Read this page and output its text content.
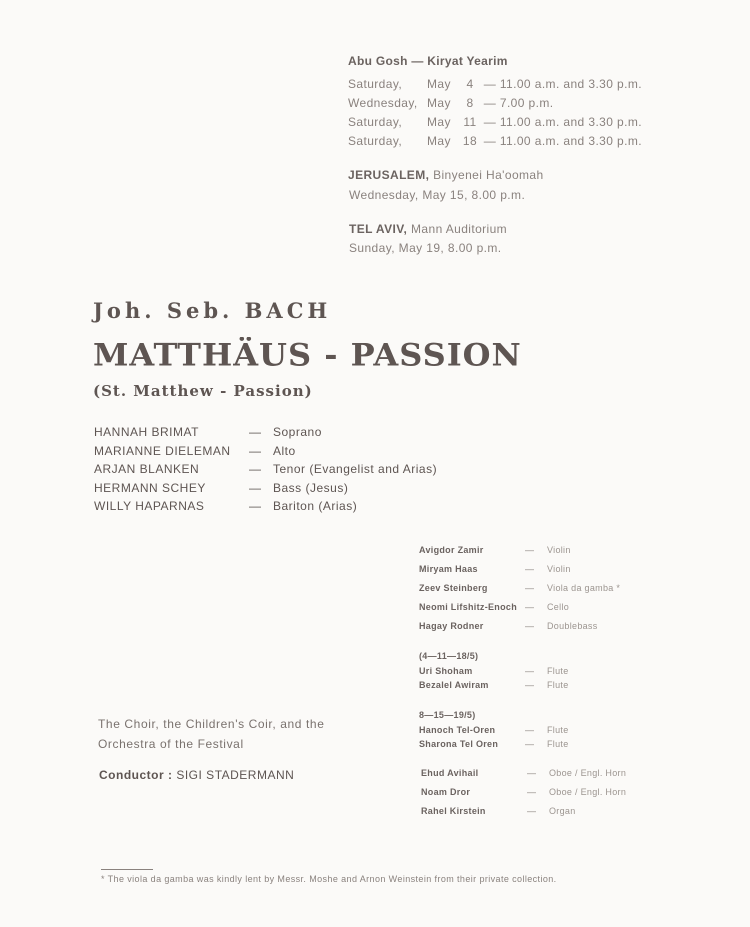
Abu Gosh — Kiryat Yearim
Saturday, May 4 — 11.00 a.m. and 3.30 p.m.
Wednesday, May 8 — 7.00 p.m.
Saturday, May 11 — 11.00 a.m. and 3.30 p.m.
Saturday, May 18 — 11.00 a.m. and 3.30 p.m.
JERUSALEM, Binyenei Ha'oomah
Wednesday, May 15, 8.00 p.m.
TEL AVIV, Mann Auditorium
Sunday, May 19, 8.00 p.m.
Joh. Seb. BACH
MATTHÄUS - PASSION
(St. Matthew - Passion)
HANNAH BRIMAT	— Soprano
MARIANNE DIELEMAN — Alto
ARJAN BLANKEN	— Tenor (Evangelist and Arias)
HERMANN SCHEY	— Bass (Jesus)
WILLY HAPARNAS	— Bariton (Arias)
Avigdor Zamir	— Violin
Miryam Haas	— Violin
Zeev Steinberg	— Viola da gamba *
Neomi Lifshitz-Enoch — Cello
Hagay Rodner	— Doublebass
(4—11—18/5)
Uri Shoham	— Flute
Bezalel Awiram	— Flute
8—15—19/5)
Hanoch Tel-Oren	— Flute
Sharona Tel Oren	— Flute
Ehud Avihail	— Oboe / Engl. Horn
Noam Dror	— Oboe / Engl. Horn
Rahel Kirstein	— Organ
The Choir, the Children's Coir, and the
Orchestra of the Festival
Conductor : SIGI STADERMANN
* The viola da gamba was kindly lent by Messr. Moshe and Arnon Weinstein from their private collection.
